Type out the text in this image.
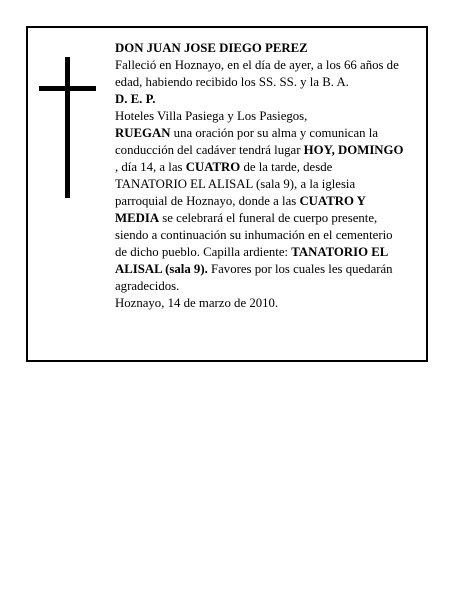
DON JUAN JOSE DIEGO PEREZ
Falleció en Hoznayo, en el día de ayer, a los 66 años de
edad, habiendo recibido los SS. SS. y la B. A.
D. E. P.
Hoteles Villa Pasiega y Los Pasiegos,
RUEGAN una oración por su alma y comunican la
conducción del cadáver tendrá lugar HOY, DOMINGO
, día 14, a las CUATRO de la tarde, desde
TANATORIO EL ALISAL (sala 9), a la iglesia
parroquial de Hoznayo, donde a las CUATRO Y
MEDIA se celebrará el funeral de cuerpo presente,
siendo a continuación su inhumación en el cementerio
de dicho pueblo. Capilla ardiente: TANATORIO EL
ALISAL (sala 9). Favores por los cuales les quedarán
agradecidos.
Hoznayo, 14 de marzo de 2010.
